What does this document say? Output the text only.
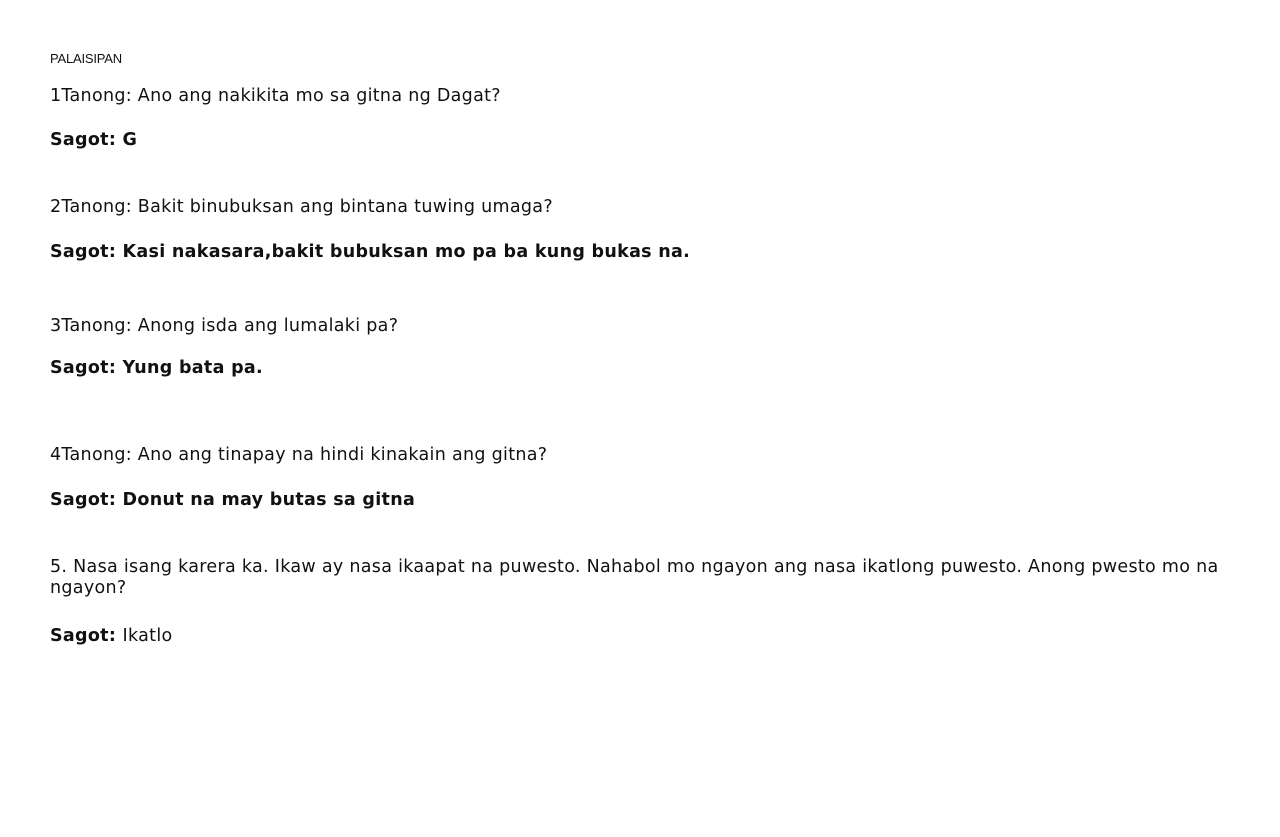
PALAISIPAN
1Tanong: Ano ang nakikita mo sa gitna ng Dagat?
Sagot: G
2Tanong: Bakit binubuksan ang bintana tuwing umaga?
Sagot: Kasi nakasara,bakit bubuksan mo pa ba kung bukas na.
3Tanong: Anong isda ang lumalaki pa?
Sagot: Yung bata pa.
4Tanong: Ano ang tinapay na hindi kinakain ang gitna?
Sagot: Donut na may butas sa gitna
5. Nasa isang karera ka. Ikaw ay nasa ikaapat na puwesto. Nahabol mo ngayon ang nasa ikatlong puwesto. Anong pwesto mo na ngayon?
Sagot: Ikatlo
